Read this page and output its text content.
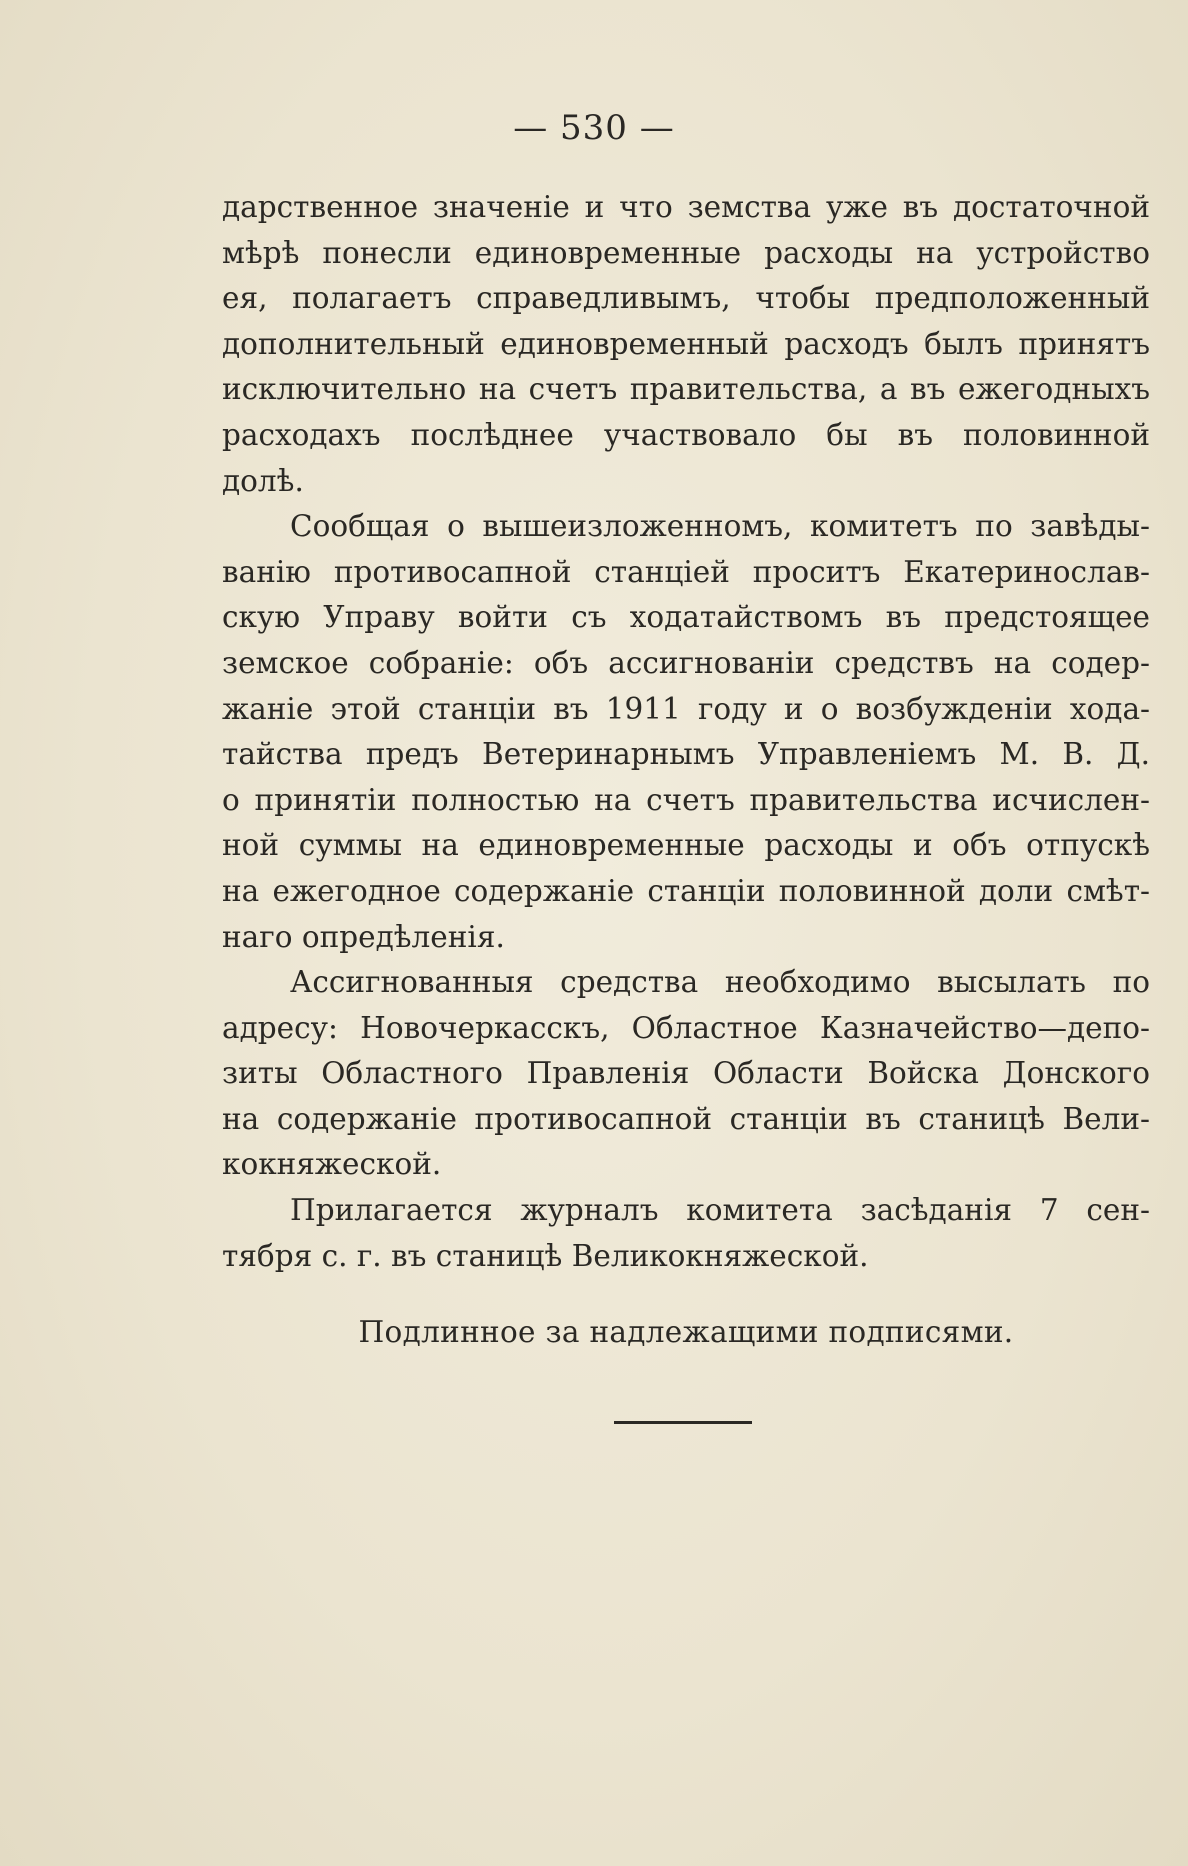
— 530 —
дарственное значеніе и что земства уже въ достаточной
мѣрѣ понесли единовременные расходы на устройство
ея, полагаетъ справедливымъ, чтобы предположенный
дополнительный единовременный расходъ былъ принятъ
исключительно на счетъ правительства, а въ ежегодныхъ
расходахъ послѣднее участвовало бы въ половинной
долѣ.
Сообщая о вышеизложенномъ, комитетъ по завѣды-
ванію противосапной станціей проситъ Екатеринослав-
скую Управу войти съ ходатайствомъ въ предстоящее
земское собраніе: объ ассигнованіи средствъ на содер-
жаніе этой станціи въ 1911 году и о возбужденіи хода-
тайства предъ Ветеринарнымъ Управленіемъ М. В. Д.
о принятіи полностью на счетъ правительства исчислен-
ной суммы на единовременные расходы и объ отпускѣ
на ежегодное содержаніе станціи половинной доли смѣт-
наго опредѣленія.
Ассигнованныя средства необходимо высылать по
адресу: Новочеркасскъ, Областное Казначейство—депо-
зиты Областного Правленія Области Войска Донского
на содержаніе противосапной станціи въ станицѣ Вели-
кокняжеской.
Прилагается журналъ комитета засѣданія 7 сен-
тября с. г. въ станицѣ Великокняжеской.
Подлинное за надлежащими подписями.
